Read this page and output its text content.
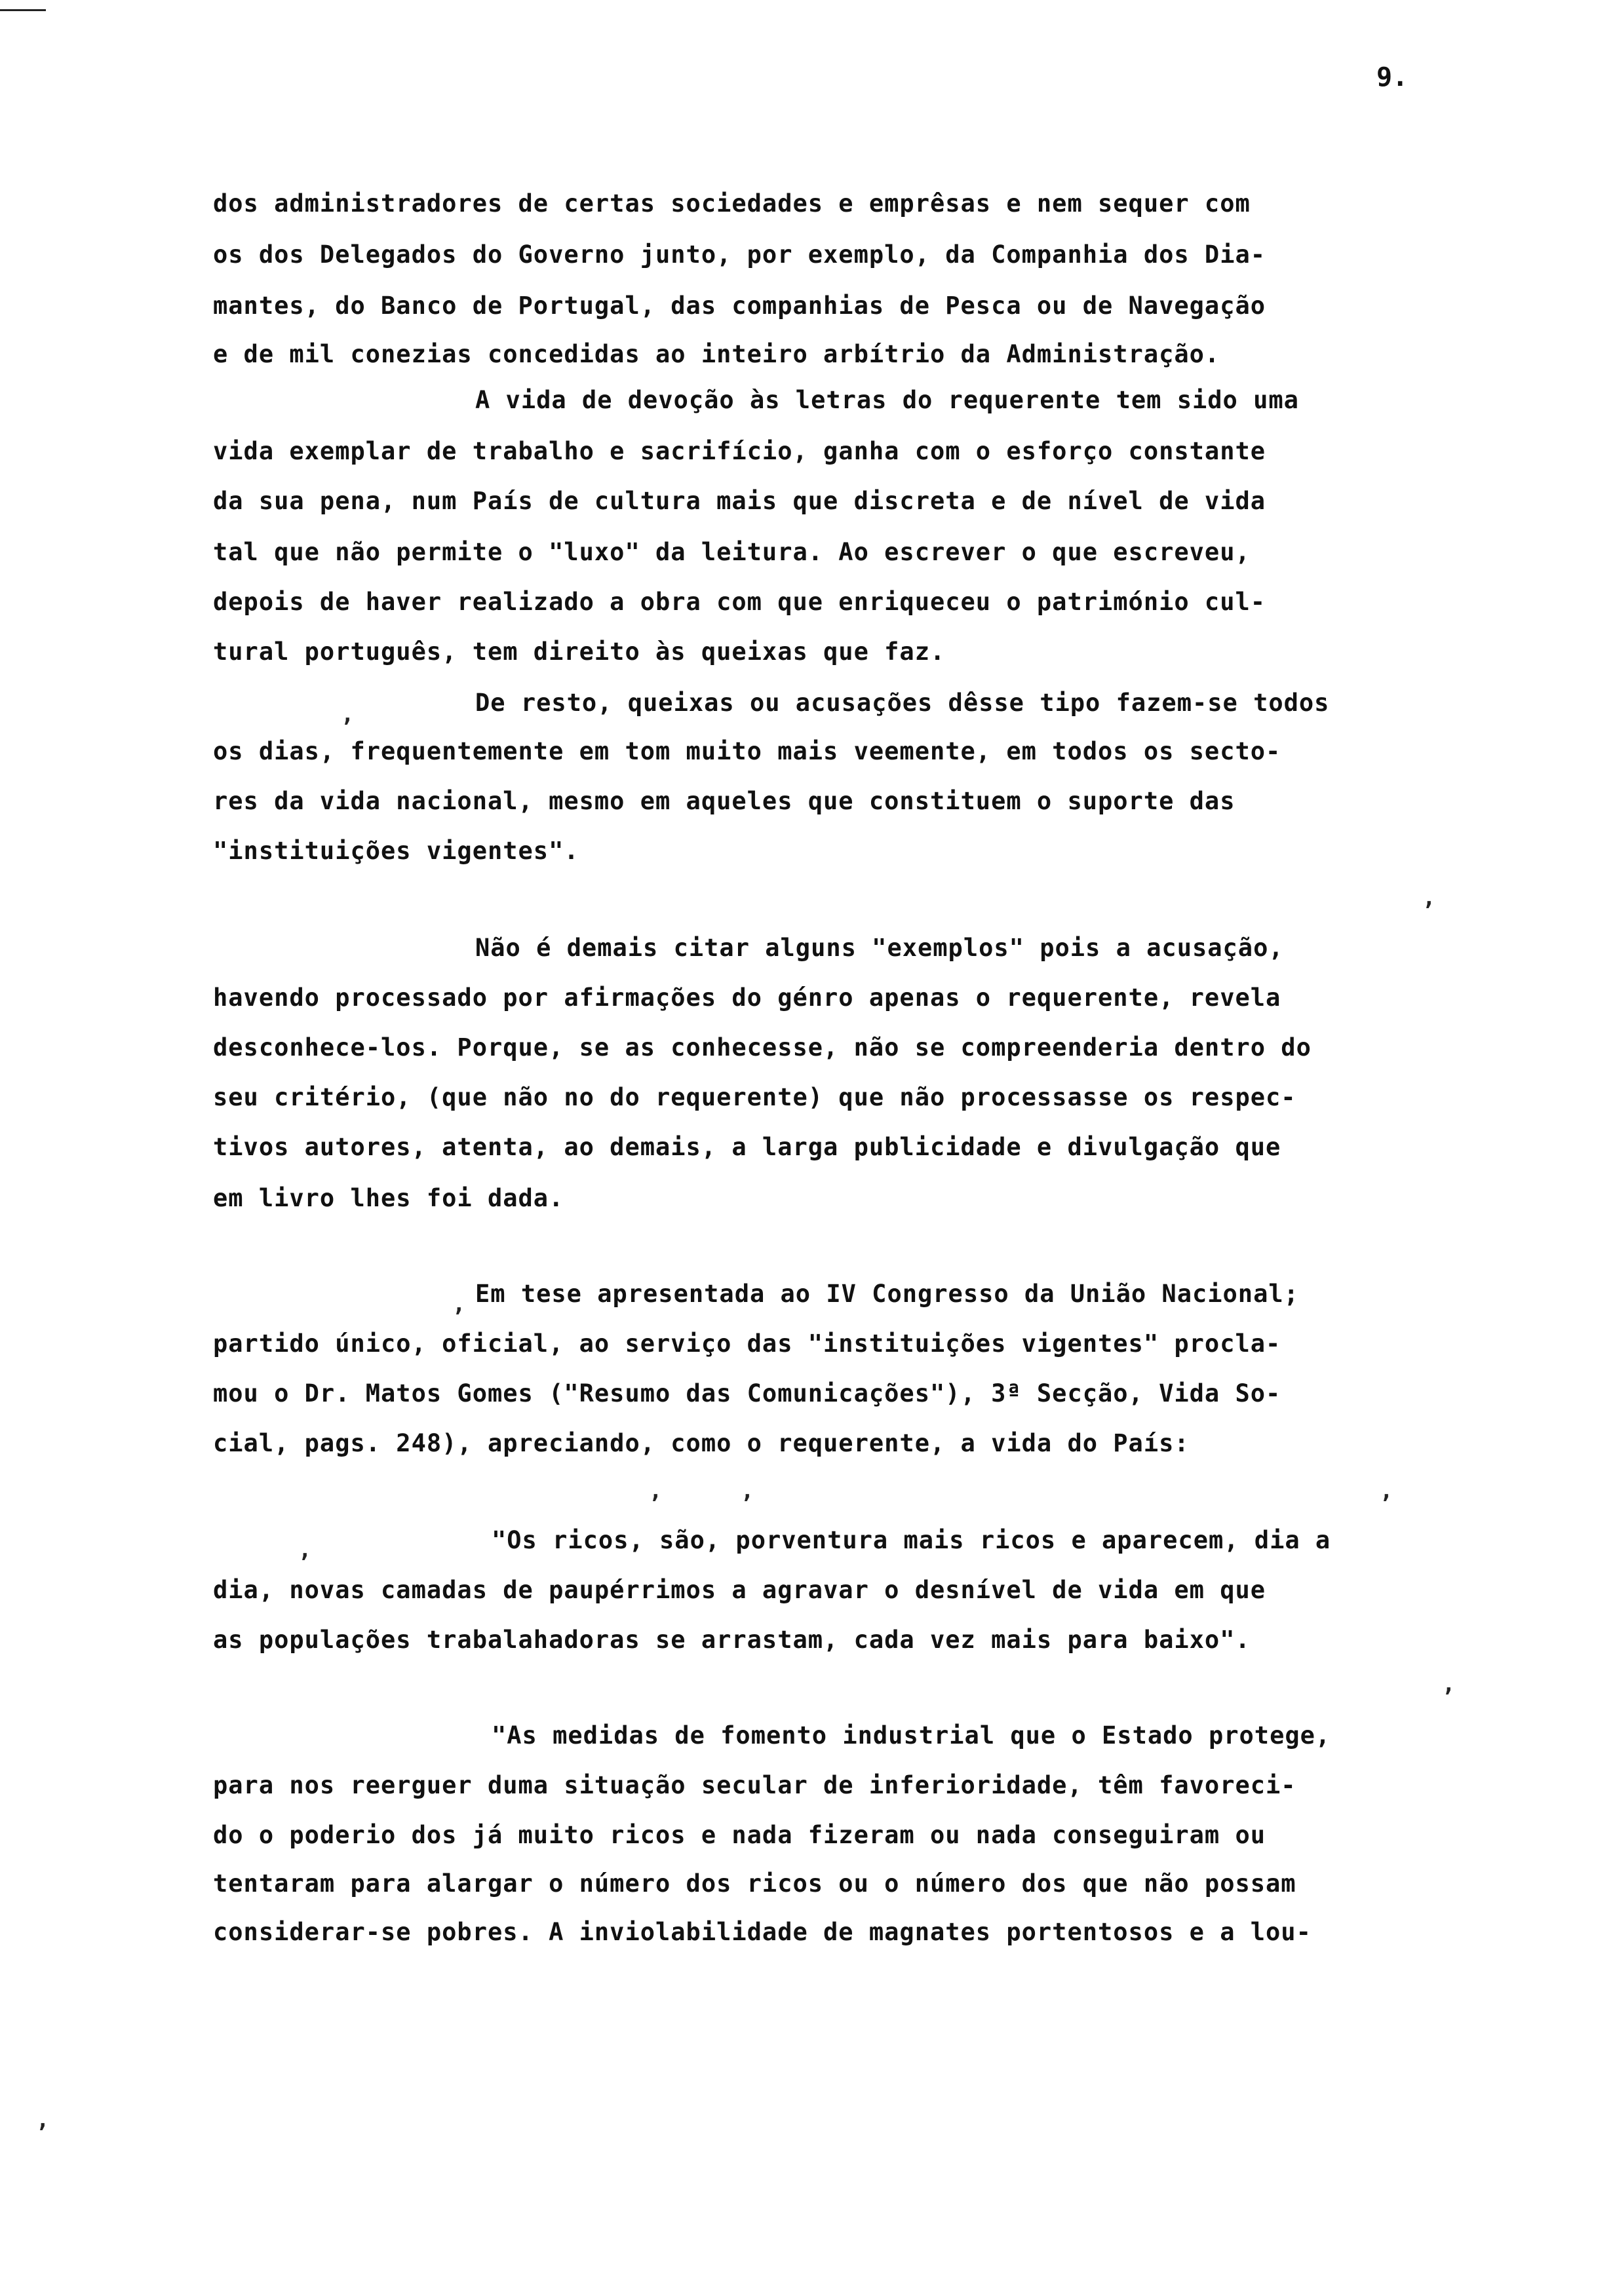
9.
dos administradores de certas sociedades e emprêsas e nem sequer com
os dos Delegados do Governo junto, por exemplo, da Companhia dos Dia-
mantes, do Banco de Portugal, das companhias de Pesca ou de Navegação
e de mil conezias concedidas ao inteiro arbítrio da Administração.
A vida de devoção às letras do requerente tem sido uma
vida exemplar de trabalho e sacrifício, ganha com o esforço constante
da sua pena, num País de cultura mais que discreta e de nível de vida
tal que não permite o "luxo" da leitura. Ao escrever o que escreveu,
depois de haver realizado a obra com que enriqueceu o património cul-
tural português, tem direito às queixas que faz.
De resto, queixas ou acusações dêsse tipo fazem-se todos
os dias, frequentemente em tom muito mais veemente, em todos os secto-
res da vida nacional, mesmo em aqueles que constituem o suporte das
"instituições vigentes".
Não é demais citar alguns "exemplos" pois a acusação,
havendo processado por afirmações do génro apenas o requerente, revela
desconhece-los. Porque, se as conhecesse, não se compreenderia dentro do
seu critério, (que não no do requerente) que não processasse os respec-
tivos autores, atenta, ao demais, a larga publicidade e divulgação que
em livro lhes foi dada.
Em tese apresentada ao IV Congresso da União Nacional;
partido único, oficial, ao serviço das "instituições vigentes" procla-
mou o Dr. Matos Gomes ("Resumo das Comunicações"), 3ª Secção, Vida So-
cial, pags. 248), apreciando, como o requerente, a vida do País:
"Os ricos, são, porventura mais ricos e aparecem, dia a
dia, novas camadas de paupérrimos a agravar o desnível de vida em que
as populações trabalahadoras se arrastam, cada vez mais para baixo".
"As medidas de fomento industrial que o Estado protege,
para nos reerguer duma situação secular de inferioridade, têm favoreci-
do o poderio dos já muito ricos e nada fizeram ou nada conseguiram ou
tentaram para alargar o número dos ricos ou o número dos que não possam
considerar-se pobres. A inviolabilidade de magnates portentosos e a lou-
,
,
,
,	,	,
,
,
,
